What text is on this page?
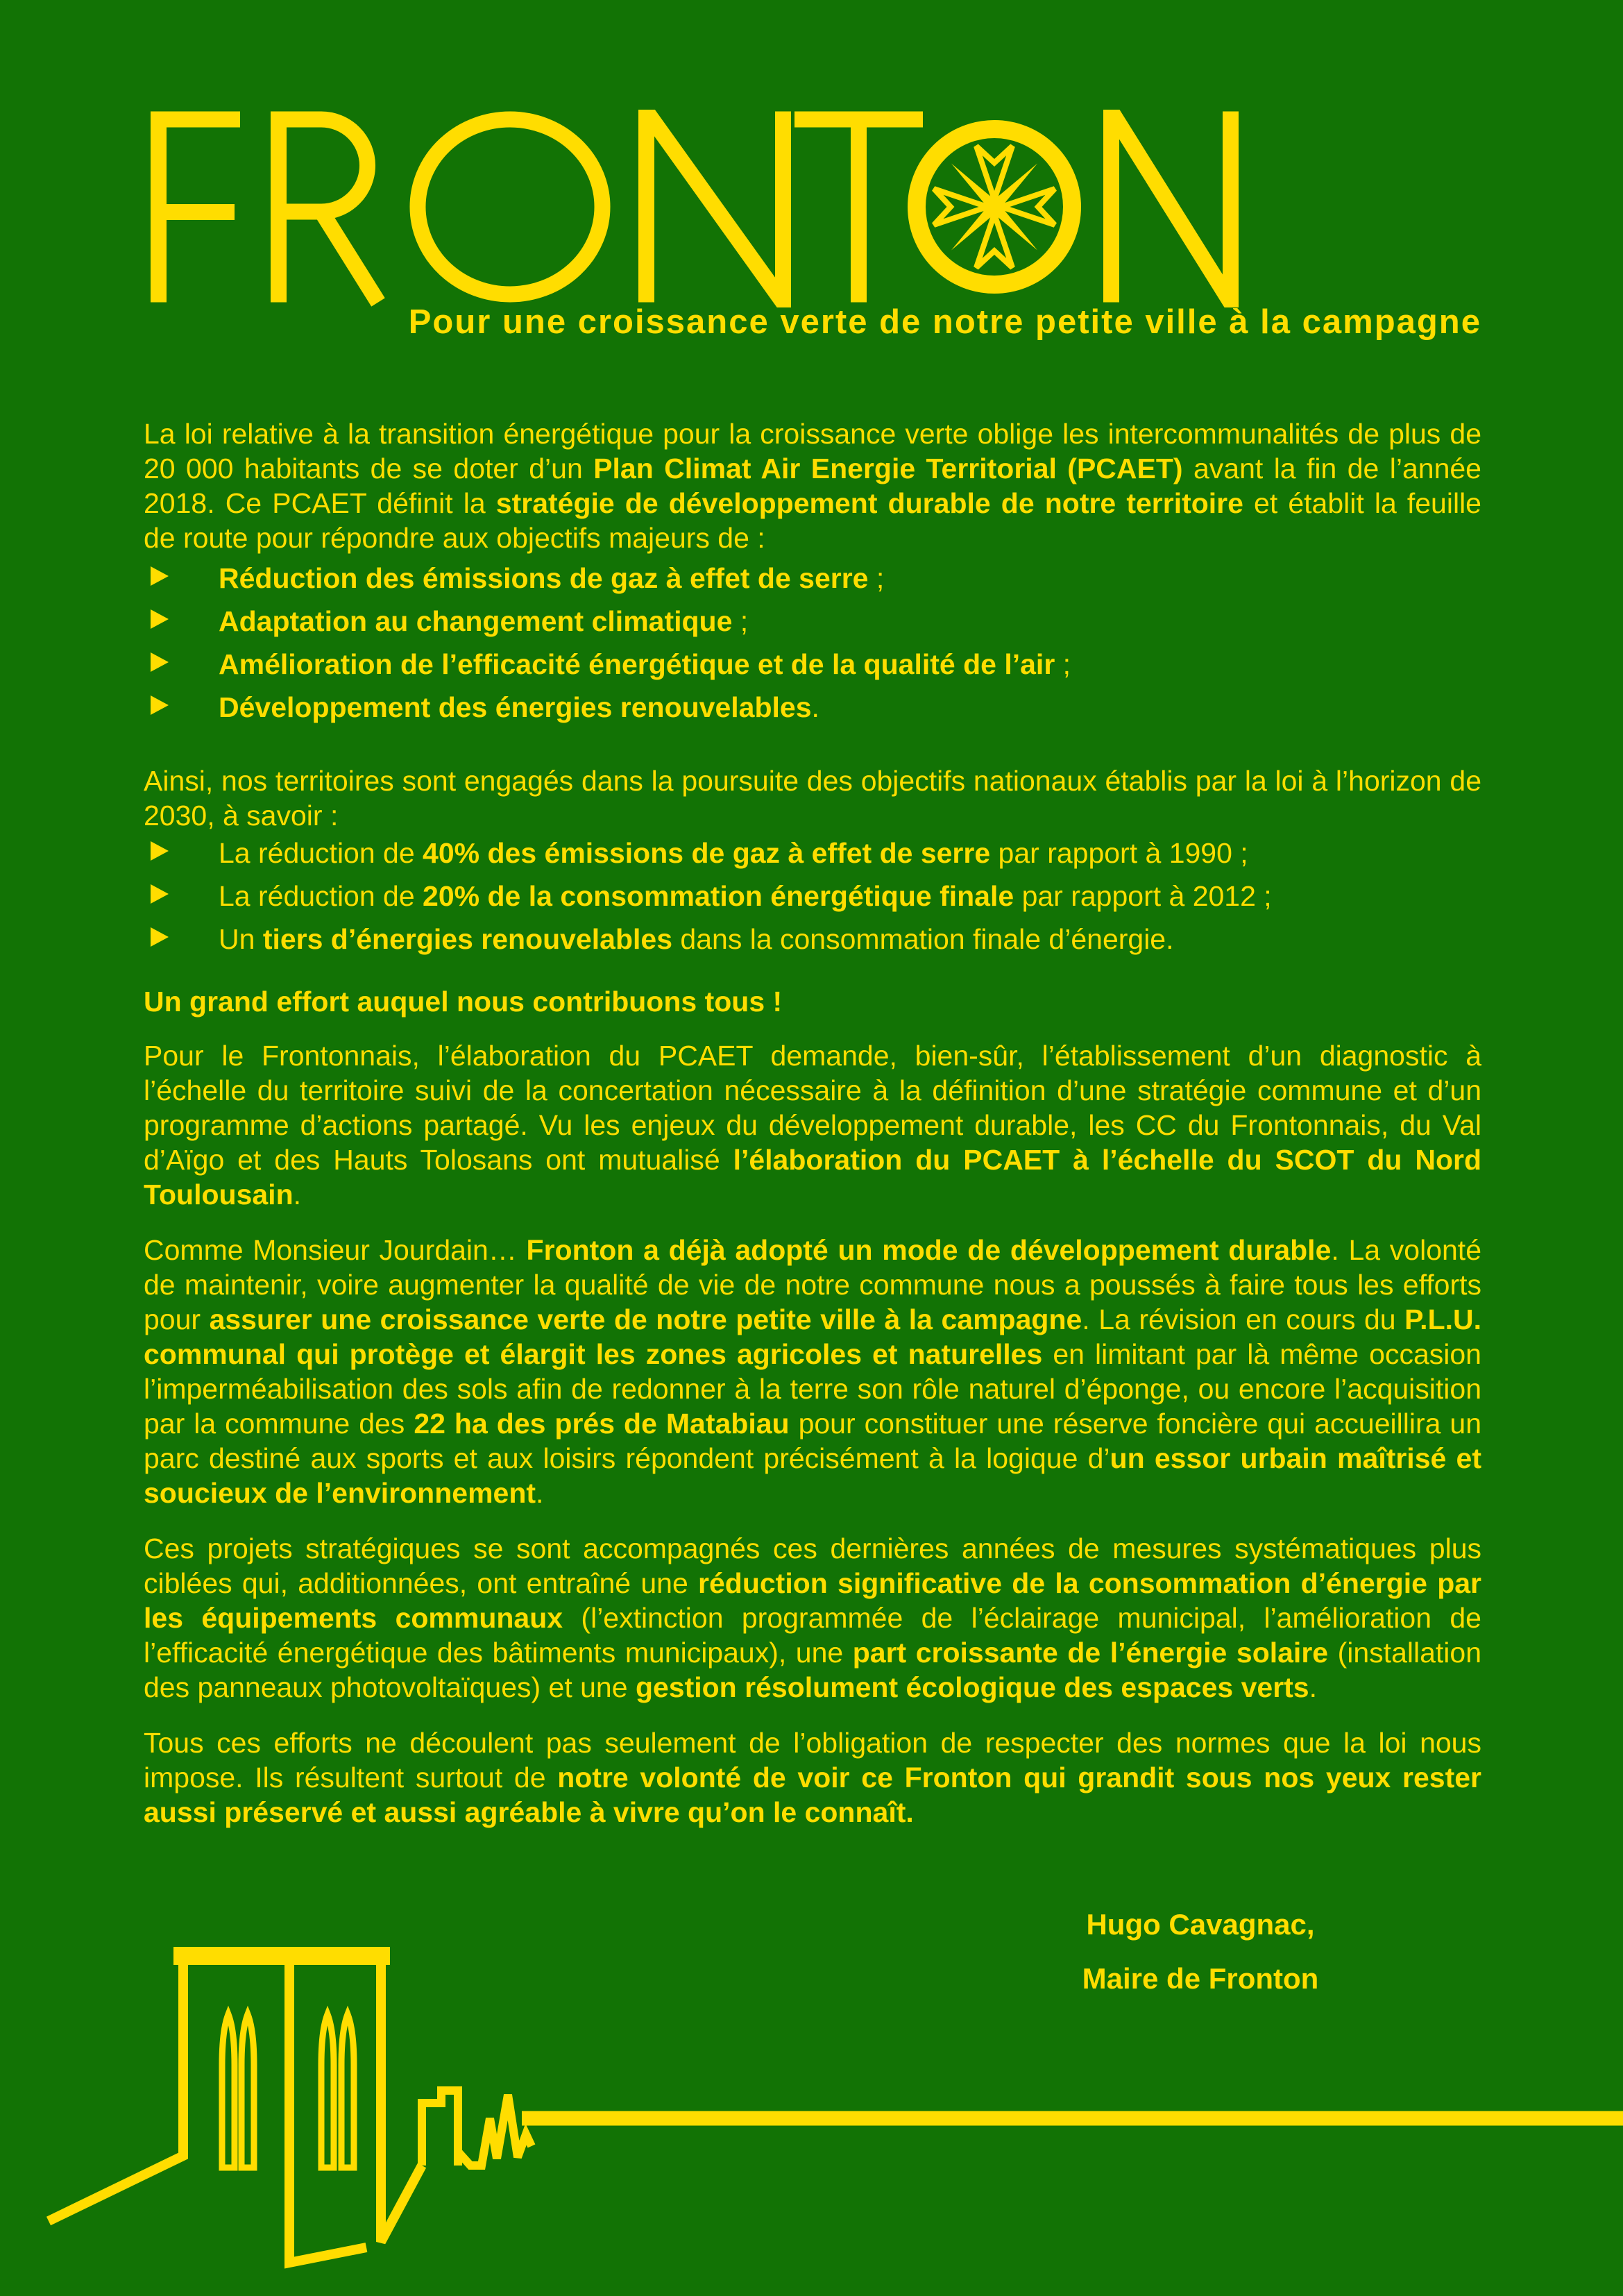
Pour une croissance verte de notre petite ville à la campagne

La loi relative à la transition énergétique pour la croissance verte oblige les intercommunalités de plus de 20 000 habitants de se doter d’un Plan Climat Air Energie Territorial (PCAET) avant la fin de l’année 2018. Ce PCAET définit la stratégie de développement durable de notre territoire et établit la feuille de route pour répondre aux objectifs majeurs de :

Réduction des émissions de gaz à effet de serre ;
Adaptation au changement climatique ;
Amélioration de l’efficacité énergétique et de la qualité de l’air ;
Développement des énergies renouvelables.

Ainsi, nos territoires sont engagés dans la poursuite des objectifs nationaux établis par la loi à l’horizon de 2030, à savoir :

La réduction de 40% des émissions de gaz à effet de serre par rapport à 1990 ;
La réduction de 20% de la consommation énergétique finale par rapport à 2012 ;
Un tiers d’énergies renouvelables dans la consommation finale d’énergie.

Un grand effort auquel nous contribuons tous !

Pour le Frontonnais, l’élaboration du PCAET demande, bien-sûr, l’établissement d’un diagnostic à l’échelle du territoire suivi de la concertation nécessaire à la définition d’une stratégie commune et d’un programme d’actions partagé. Vu les enjeux du développement durable, les CC du Frontonnais, du Val d’Aïgo et des Hauts Tolosans ont mutualisé l’élaboration du PCAET à l’échelle du SCOT du Nord Toulousain.

Comme Monsieur Jourdain… Fronton a déjà adopté un mode de développement durable. La volonté de maintenir, voire augmenter la qualité de vie de notre commune nous a poussés à faire tous les efforts pour assurer une croissance verte de notre petite ville à la campagne. La révision en cours du P.L.U. communal qui protège et élargit les zones agricoles et naturelles en limitant par là même occasion l’imperméabilisation des sols afin de redonner à la terre son rôle naturel d’éponge, ou encore l’acquisition par la commune des 22 ha des prés de Matabiau pour constituer une réserve foncière qui accueillira un parc destiné aux sports et aux loisirs répondent précisément à la logique d’un essor urbain maîtrisé et soucieux de l’environnement.

Ces projets stratégiques se sont accompagnés ces dernières années de mesures systématiques plus ciblées qui, additionnées, ont entraîné une réduction significative de la consommation d’énergie par les équipements communaux (l’extinction programmée de l’éclairage municipal, l’amélioration de l’efficacité énergétique des bâtiments municipaux), une part croissante de l’énergie solaire (installation des panneaux photovoltaïques) et une gestion résolument écologique des espaces verts.

Tous ces efforts ne découlent pas seulement de l’obligation de respecter des normes que la loi nous impose. Ils résultent surtout de notre volonté de voir ce Fronton qui grandit sous nos yeux rester aussi préservé et aussi agréable à vivre qu’on le connaît.

Hugo Cavagnac,
Maire de Fronton
